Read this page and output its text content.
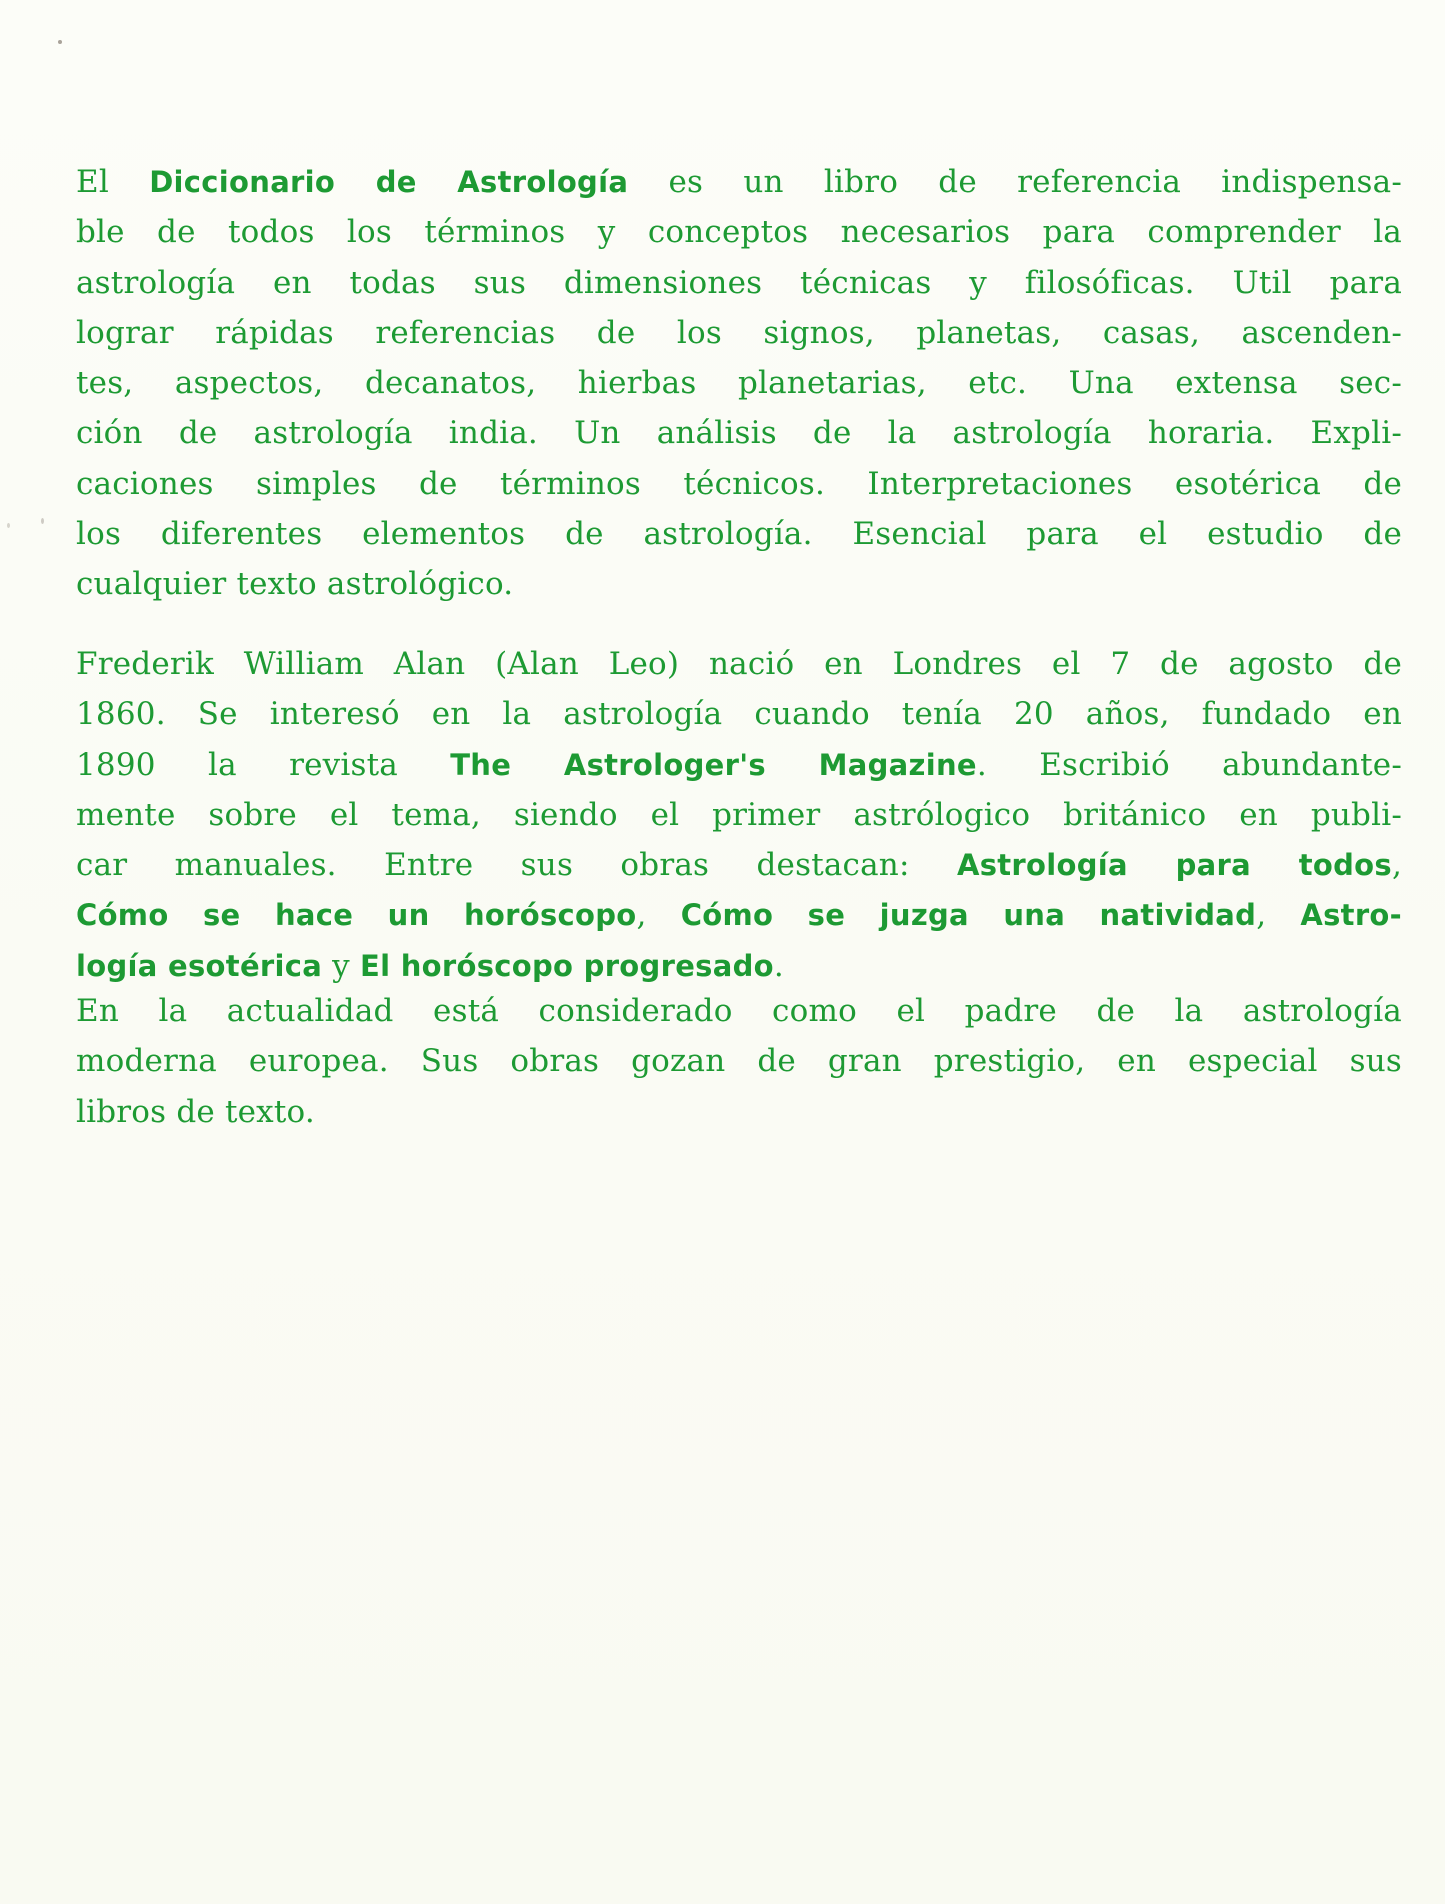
El Diccionario de Astrología es un libro de referencia indispensa-
ble de todos los términos y conceptos necesarios para comprender la
astrología en todas sus dimensiones técnicas y filosóficas. Util para
lograr rápidas referencias de los signos, planetas, casas, ascenden-
tes, aspectos, decanatos, hierbas planetarias, etc. Una extensa sec-
ción de astrología india. Un análisis de la astrología horaria. Expli-
caciones simples de términos técnicos. Interpretaciones esotérica de
los diferentes elementos de astrología. Esencial para el estudio de
cualquier texto astrológico.
Frederik William Alan (Alan Leo) nació en Londres el 7 de agosto de
1860. Se interesó en la astrología cuando tenía 20 años, fundado en
1890 la revista The Astrologer's Magazine. Escribió abundante-
mente sobre el tema, siendo el primer astrólogico británico en publi-
car manuales. Entre sus obras destacan: Astrología para todos,
Cómo se hace un horóscopo, Cómo se juzga una natividad, Astro-
logía esotérica y El horóscopo progresado.
En la actualidad está considerado como el padre de la astrología
moderna europea. Sus obras gozan de gran prestigio, en especial sus
libros de texto.
